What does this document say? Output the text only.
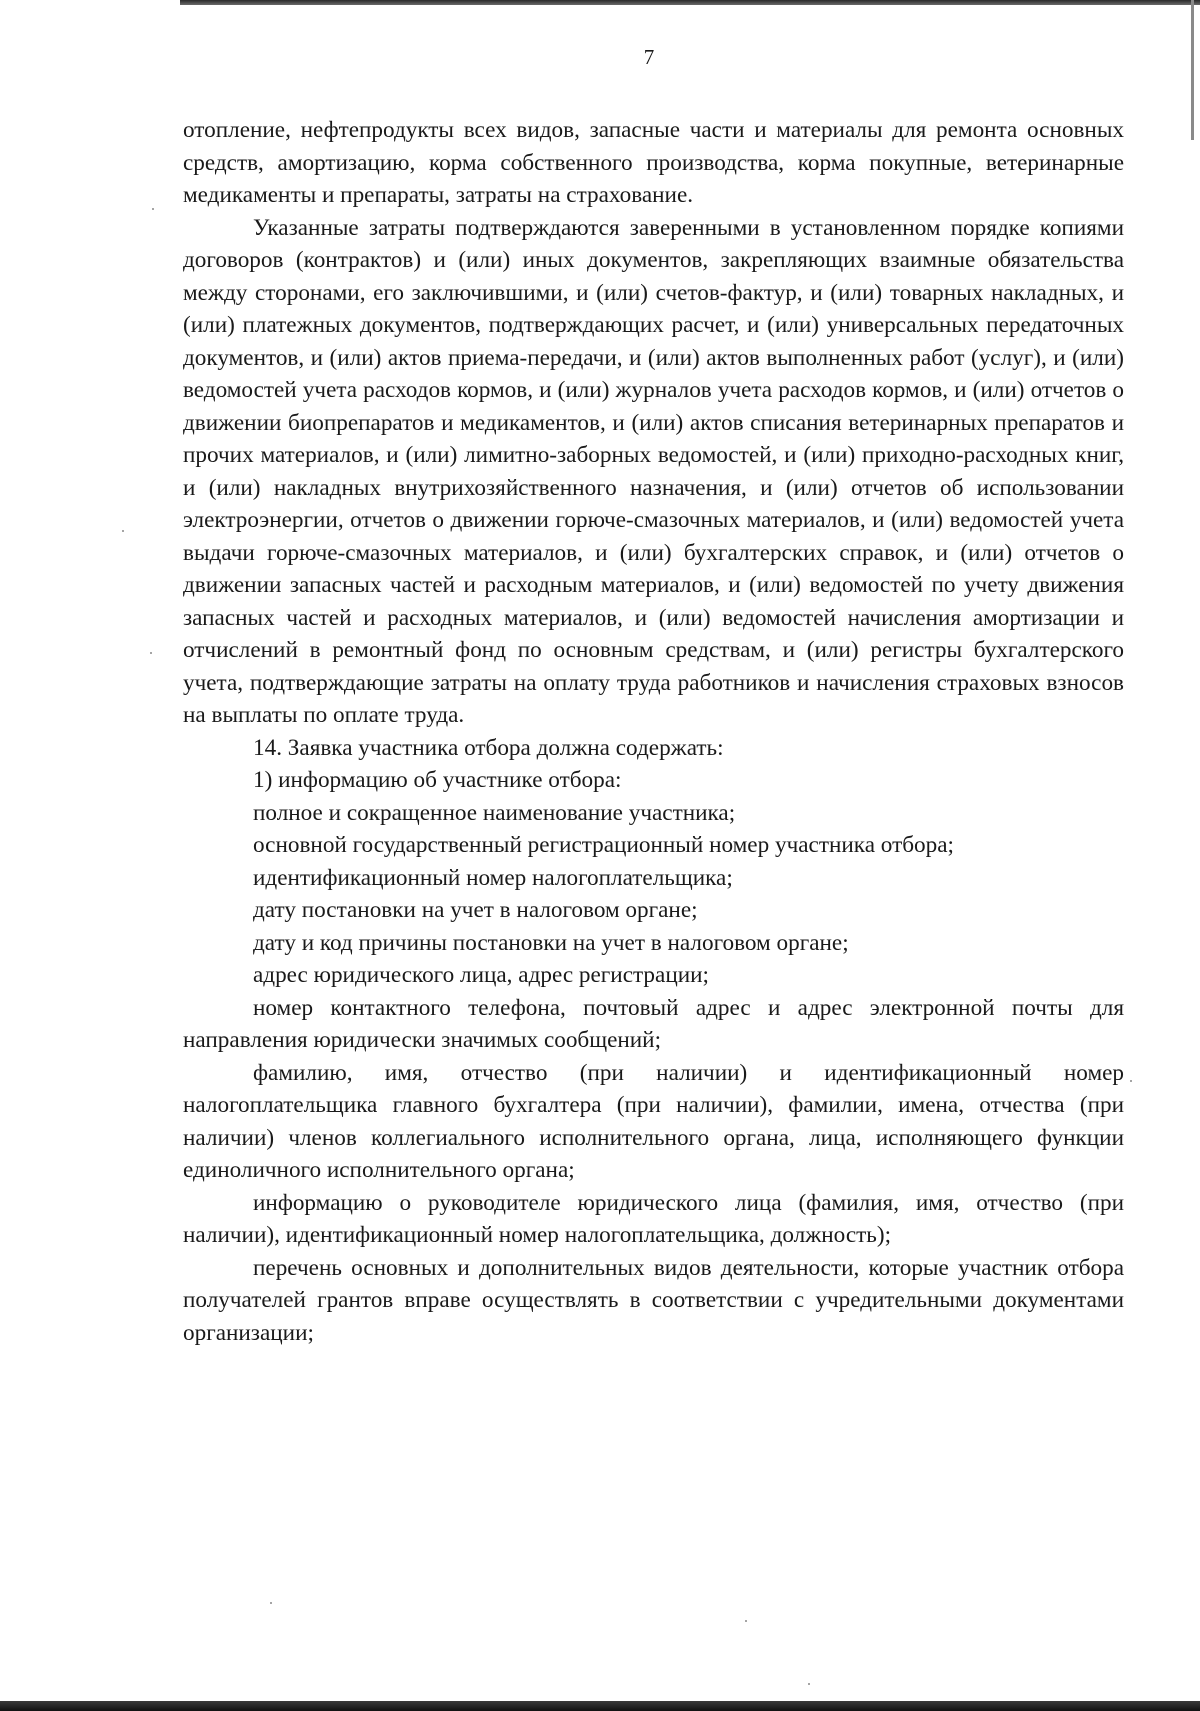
7

отопление, нефтепродукты всех видов, запасные части и материалы для ремонта основных средств, амортизацию, корма собственного производства, корма покупные, ветеринарные медикаменты и препараты, затраты на страхование.

Указанные затраты подтверждаются заверенными в установленном порядке копиями договоров (контрактов) и (или) иных документов, закрепляющих взаимные обязательства между сторонами, его заключившими, и (или) счетов-фактур, и (или) товарных накладных, и (или) платежных документов, подтверждающих расчет, и (или) универсальных передаточных документов, и (или) актов приема-передачи, и (или) актов выполненных работ (услуг), и (или) ведомостей учета расходов кормов, и (или) журналов учета расходов кормов, и (или) отчетов о движении биопрепаратов и медикаментов, и (или) актов списания ветеринарных препаратов и прочих материалов, и (или) лимитно-заборных ведомостей, и (или) приходно-расходных книг, и (или) накладных внутрихозяйственного назначения, и (или) отчетов об использовании электроэнергии, отчетов о движении горюче-смазочных материалов, и (или) ведомостей учета выдачи горюче-смазочных материалов, и (или) бухгалтерских справок, и (или) отчетов о движении запасных частей и расходным материалов, и (или) ведомостей по учету движения запасных частей и расходных материалов, и (или) ведомостей начисления амортизации и отчислений в ремонтный фонд по основным средствам, и (или) регистры бухгалтерского учета, подтверждающие затраты на оплату труда работников и начисления страховых взносов на выплаты по оплате труда.

14. Заявка участника отбора должна содержать:

1) информацию об участнике отбора:

полное и сокращенное наименование участника;

основной государственный регистрационный номер участника отбора;

идентификационный номер налогоплательщика;

дату постановки на учет в налоговом органе;

дату и код причины постановки на учет в налоговом органе;

адрес юридического лица, адрес регистрации;

номер контактного телефона, почтовый адрес и адрес электронной почты для направления юридически значимых сообщений;

фамилию, имя, отчество (при наличии) и идентификационный номер налогоплательщика главного бухгалтера (при наличии), фамилии, имена, отчества (при наличии) членов коллегиального исполнительного органа, лица, исполняющего функции единоличного исполнительного органа;

информацию о руководителе юридического лица (фамилия, имя, отчество (при наличии), идентификационный номер налогоплательщика, должность);

перечень основных и дополнительных видов деятельности, которые участник отбора получателей грантов вправе осуществлять в соответствии с учредительными документами организации;
